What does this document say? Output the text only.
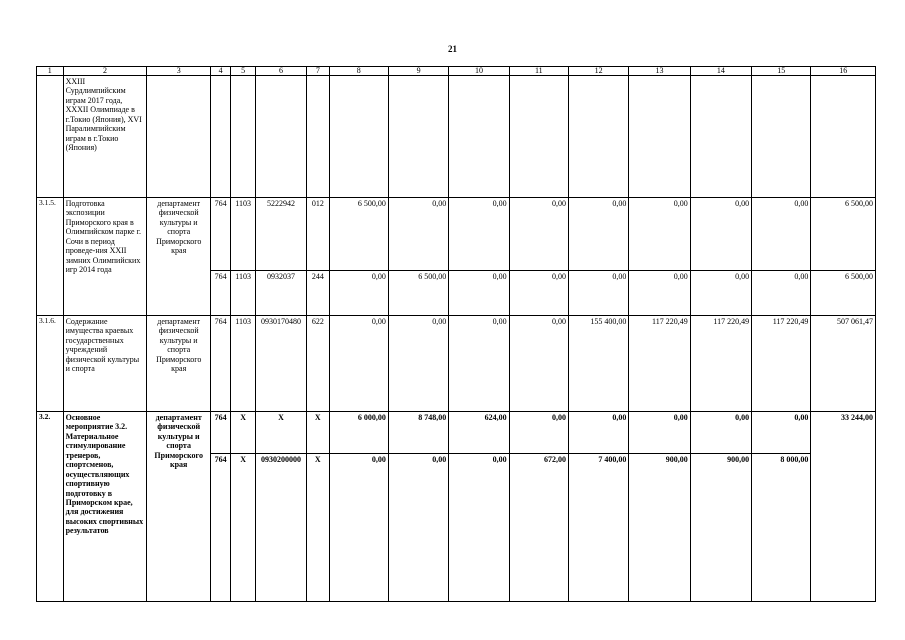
21
1	2	3	4	5	6	7	8	9	10	11	12	13	14	15	16
	XXIII Сурдлимпийским играм 2017 года, XXXII Олимпиаде в г.Токио (Япония), XVI Паралимпийским играм в г.Токио (Япония)														
3.1.5.	Подготовка экспозиции Приморского края в Олимпийском парке г. Сочи в период проведе-ния XXII зимних Олимпийских игр 2014 года	департамент физической культуры и спорта Приморского края	764	1103	5222942	012	6 500,00	0,00	0,00	0,00	0,00	0,00	0,00	0,00	6 500,00
			764	1103	0932037	244	0,00	6 500,00	0,00	0,00	0,00	0,00	0,00	0,00	6 500,00
3.1.6.	Содержание имущества краевых государственных учреждений физической культуры и спорта	департамент физической культуры и спорта Приморского края	764	1103	0930170480	622	0,00	0,00	0,00	0,00	155 400,00	117 220,49	117 220,49	117 220,49	507 061,47
3.2.	Основное мероприятие 3.2. Материальное стимулирование тренеров, спортсменов, осуществляющих спортивную подготовку в Приморском крае, для достижения высоких спортивных результатов	департамент физической культуры и спорта Приморского края	764	Х	Х	Х	6 000,00	8 748,00	624,00	0,00	0,00	0,00	0,00	0,00	33 244,00
			764	Х	0930200000	Х	0,00	0,00	0,00	672,00	7 400,00	900,00	900,00	8 000,00	
